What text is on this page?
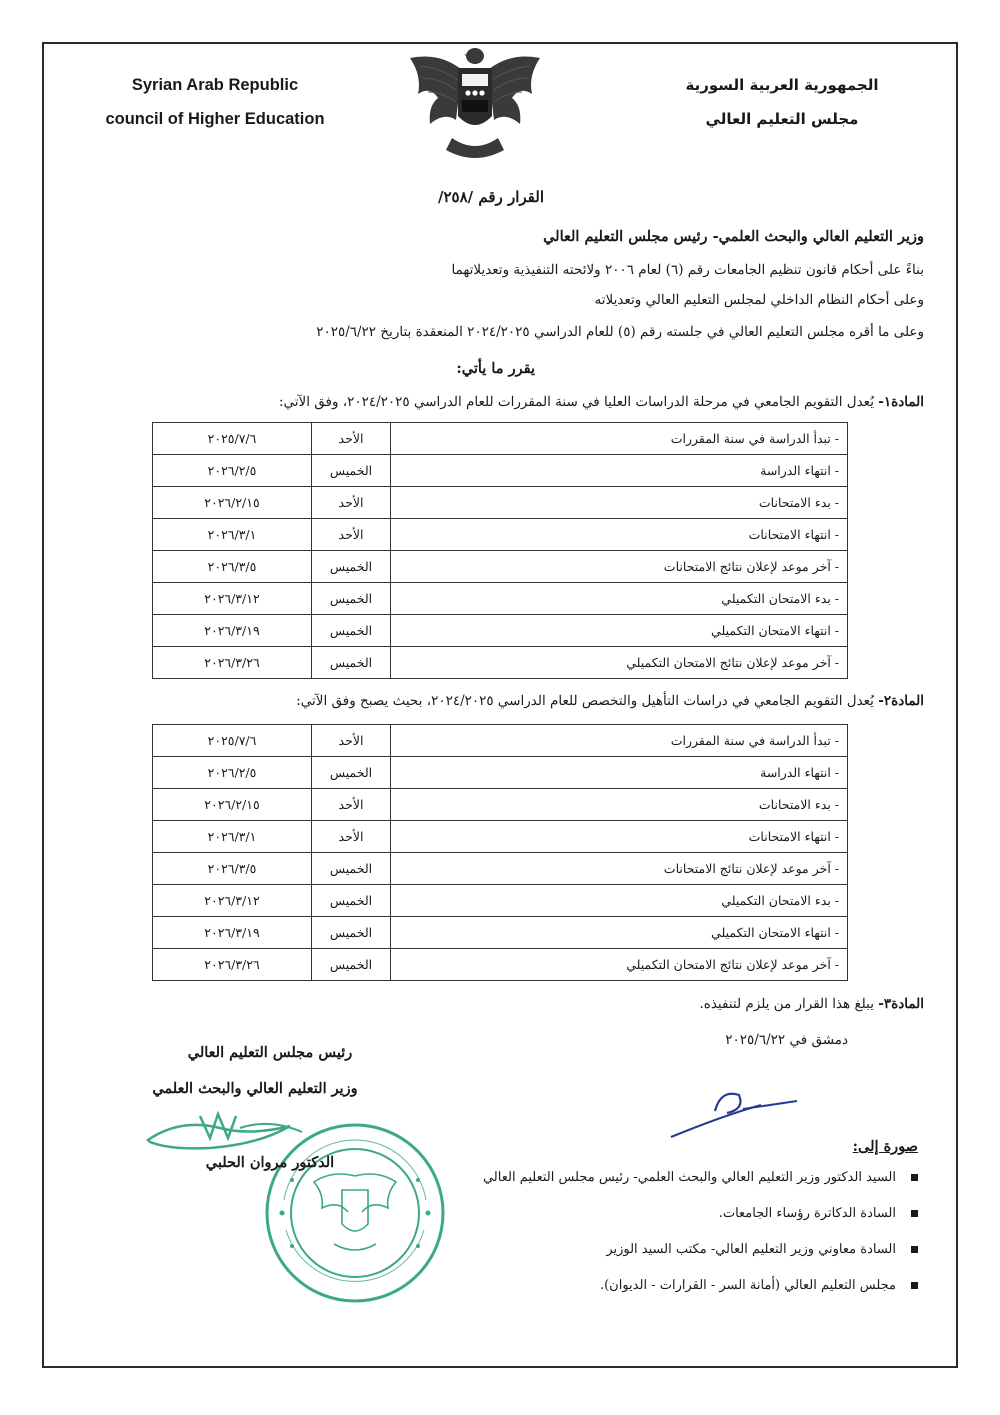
Syrian Arab Republic
council of Higher Education
الجمهورية العربية السورية
مجلس التعليم العالي
القرار رقم /٢٥٨/
وزير التعليم العالي والبحث العلمي- رئيس مجلس التعليم العالي
بناءً على أحكام قانون تنظيم الجامعات رقم (٦) لعام ٢٠٠٦ ولائحته التنفيذية وتعديلاتهما
وعلى أحكام النظام الداخلي لمجلس التعليم العالي وتعديلاته
وعلى ما أقره مجلس التعليم العالي في جلسته رقم (٥) للعام الدراسي ٢٠٢٤/٢٠٢٥ المنعقدة بتاريخ ٢٠٢٥/٦/٢٢
يقرر ما يأتي:
المادة١- يُعدل التقويم الجامعي في مرحلة الدراسات العليا في سنة المقررات للعام الدراسي ٢٠٢٤/٢٠٢٥، وفق الآتي:
- تبدأ الدراسة في سنة المقررات	الأحد	٢٠٢٥/٧/٦
- انتهاء الدراسة	الخميس	٢٠٢٦/٢/٥
- بدء الامتحانات	الأحد	٢٠٢٦/٢/١٥
- انتهاء الامتحانات	الأحد	٢٠٢٦/٣/١
- آخر موعد لإعلان نتائج الامتحانات	الخميس	٢٠٢٦/٣/٥
- بدء الامتحان التكميلي	الخميس	٢٠٢٦/٣/١٢
- انتهاء الامتحان التكميلي	الخميس	٢٠٢٦/٣/١٩
- آخر موعد لإعلان نتائج الامتحان التكميلي	الخميس	٢٠٢٦/٣/٢٦
المادة٢- يُعدل التقويم الجامعي في دراسات التأهيل والتخصص للعام الدراسي ٢٠٢٤/٢٠٢٥، بحيث يصبح وفق الآتي:
- تبدأ الدراسة في سنة المقررات	الأحد	٢٠٢٥/٧/٦
- انتهاء الدراسة	الخميس	٢٠٢٦/٢/٥
- بدء الامتحانات	الأحد	٢٠٢٦/٢/١٥
- انتهاء الامتحانات	الأحد	٢٠٢٦/٣/١
- آخر موعد لإعلان نتائج الامتحانات	الخميس	٢٠٢٦/٣/٥
- بدء الامتحان التكميلي	الخميس	٢٠٢٦/٣/١٢
- انتهاء الامتحان التكميلي	الخميس	٢٠٢٦/٣/١٩
- آخر موعد لإعلان نتائج الامتحان التكميلي	الخميس	٢٠٢٦/٣/٢٦
المادة٣- يبلغ هذا القرار من يلزم لتنفيذه.
دمشق في ٢٠٢٥/٦/٢٢
رئيس مجلس التعليم العالي
وزير التعليم العالي والبحث العلمي
الدكتور مروان الحلبي
صورة إلى:
السيد الدكتور وزير التعليم العالي والبحث العلمي- رئيس مجلس التعليم العالي
السادة الدكاترة رؤساء الجامعات.
السادة معاوني وزير التعليم العالي- مكتب السيد الوزير
مجلس التعليم العالي (أمانة السر - القرارات - الديوان).
